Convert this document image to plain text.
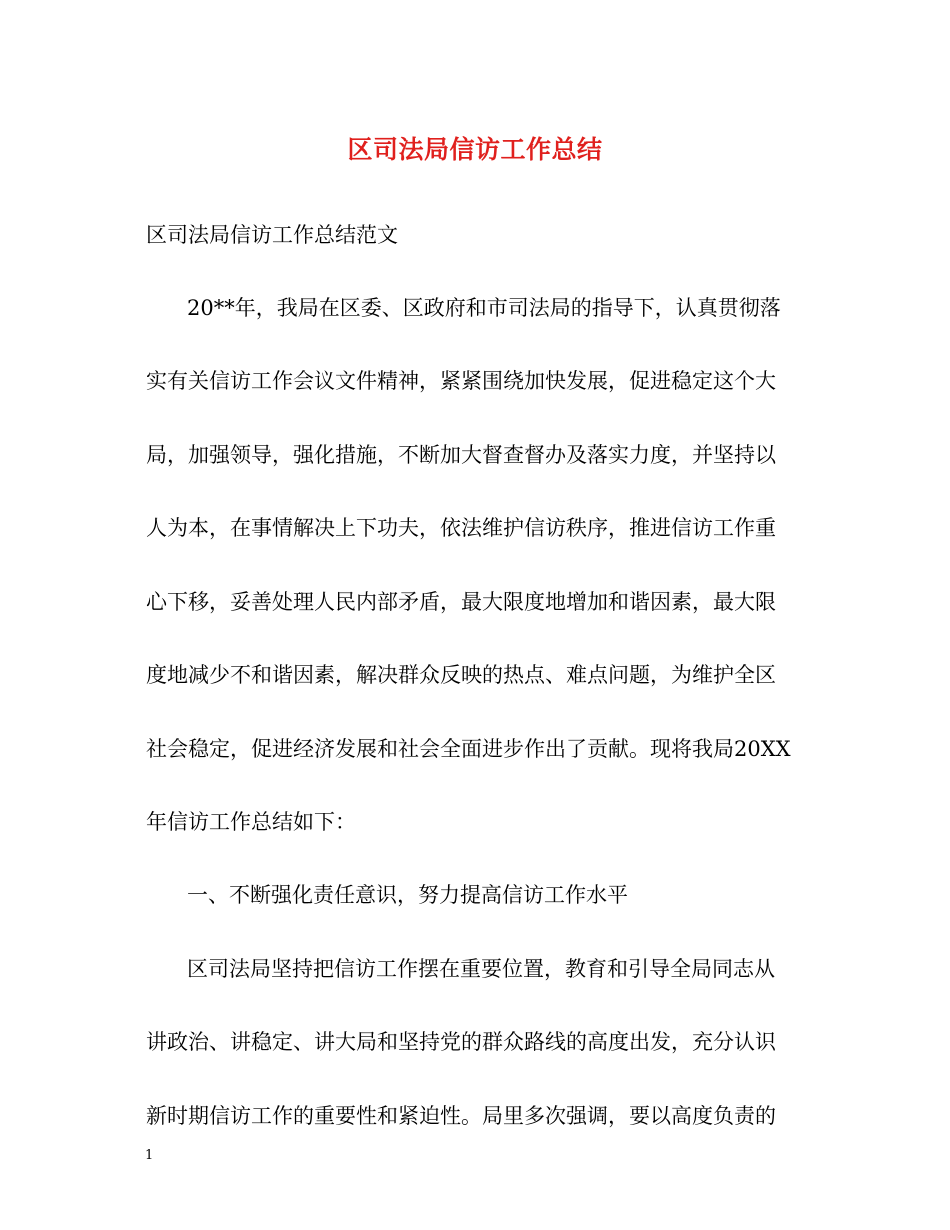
区司法局信访工作总结
区司法局信访工作总结范文
20**年，我局在区委、区政府和市司法局的指导下，认真贯彻落
实有关信访工作会议文件精神，紧紧围绕加快发展，促进稳定这个大
局，加强领导，强化措施，不断加大督查督办及落实力度，并坚持以
人为本，在事情解决上下功夫，依法维护信访秩序，推进信访工作重
心下移，妥善处理人民内部矛盾，最大限度地增加和谐因素，最大限
度地减少不和谐因素，解决群众反映的热点、难点问题，为维护全区
社会稳定，促进经济发展和社会全面进步作出了贡献。现将我局20XX
年信访工作总结如下：
一、不断强化责任意识，努力提高信访工作水平
区司法局坚持把信访工作摆在重要位置，教育和引导全局同志从
讲政治、讲稳定、讲大局和坚持党的群众路线的高度出发，充分认识
新时期信访工作的重要性和紧迫性。局里多次强调，要以高度负责的
1
